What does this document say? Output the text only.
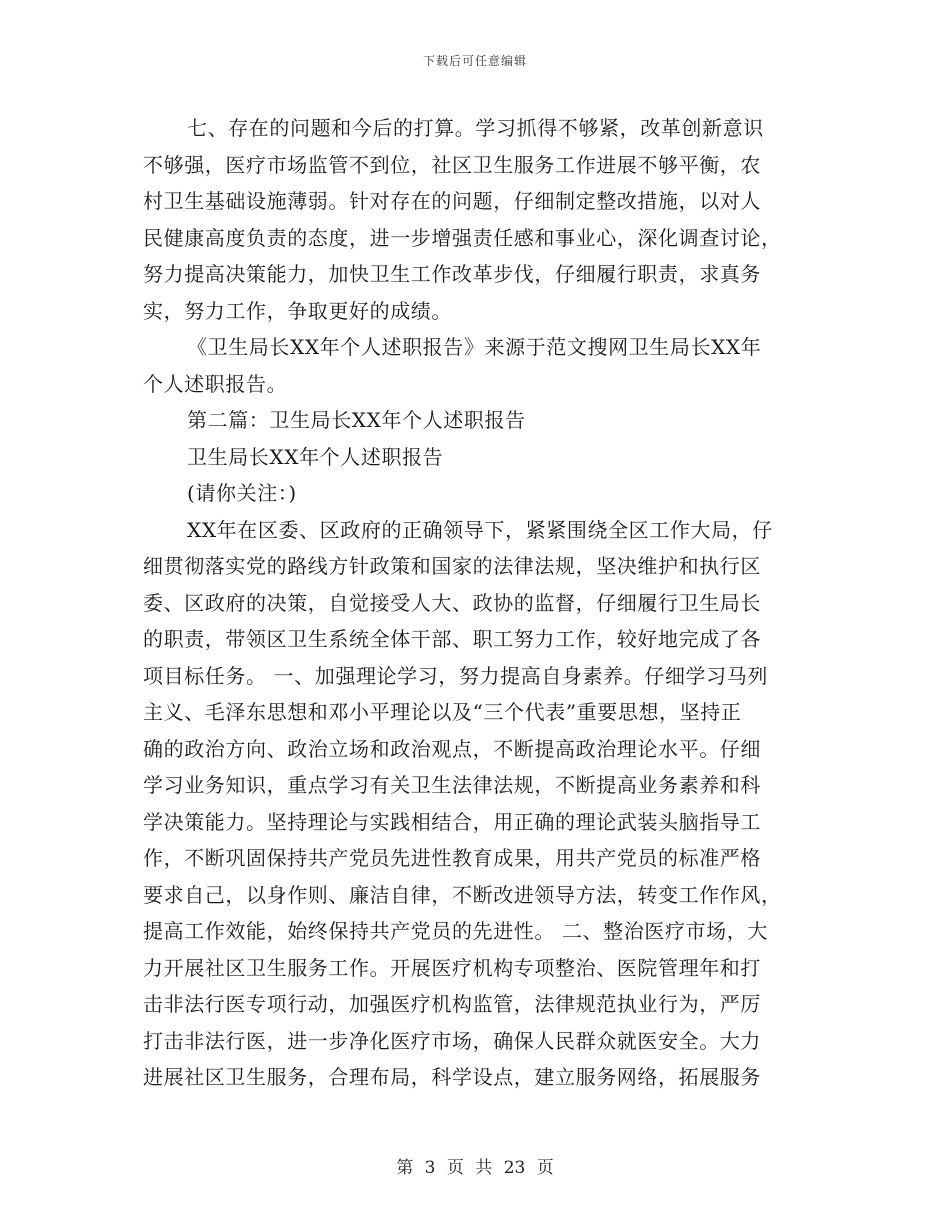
下载后可任意编辑
七、存在的问题和今后的打算。学习抓得不够紧，改革创新意识
不够强，医疗市场监管不到位，社区卫生服务工作进展不够平衡，农
村卫生基础设施薄弱。针对存在的问题，仔细制定整改措施，以对人
民健康高度负责的态度，进一步增强责任感和事业心，深化调查讨论，
努力提高决策能力，加快卫生工作改革步伐，仔细履行职责，求真务
实，努力工作，争取更好的成绩。
《卫生局长XX年个人述职报告》来源于范文搜网卫生局长XX年
个人述职报告。
第二篇：卫生局长XX年个人述职报告
卫生局长XX年个人述职报告
(请你关注：)
XX年在区委、区政府的正确领导下，紧紧围绕全区工作大局，仔
细贯彻落实党的路线方针政策和国家的法律法规，坚决维护和执行区
委、区政府的决策，自觉接受人大、政协的监督，仔细履行卫生局长
的职责，带领区卫生系统全体干部、职工努力工作，较好地完成了各
项目标任务。 一、加强理论学习，努力提高自身素养。仔细学习马列
主义、毛泽东思想和邓小平理论以及“三个代表”重要思想，坚持正
确的政治方向、政治立场和政治观点，不断提高政治理论水平。仔细
学习业务知识，重点学习有关卫生法律法规，不断提高业务素养和科
学决策能力。坚持理论与实践相结合，用正确的理论武装头脑指导工
作，不断巩固保持共产党员先进性教育成果，用共产党员的标准严格
要求自己，以身作则、廉洁自律，不断改进领导方法，转变工作作风，
提高工作效能，始终保持共产党员的先进性。 二、整治医疗市场，大
力开展社区卫生服务工作。开展医疗机构专项整治、医院管理年和打
击非法行医专项行动，加强医疗机构监管，法律规范执业行为，严厉
打击非法行医，进一步净化医疗市场，确保人民群众就医安全。大力
进展社区卫生服务，合理布局，科学设点，建立服务网络，拓展服务
第 3 页 共 23 页
